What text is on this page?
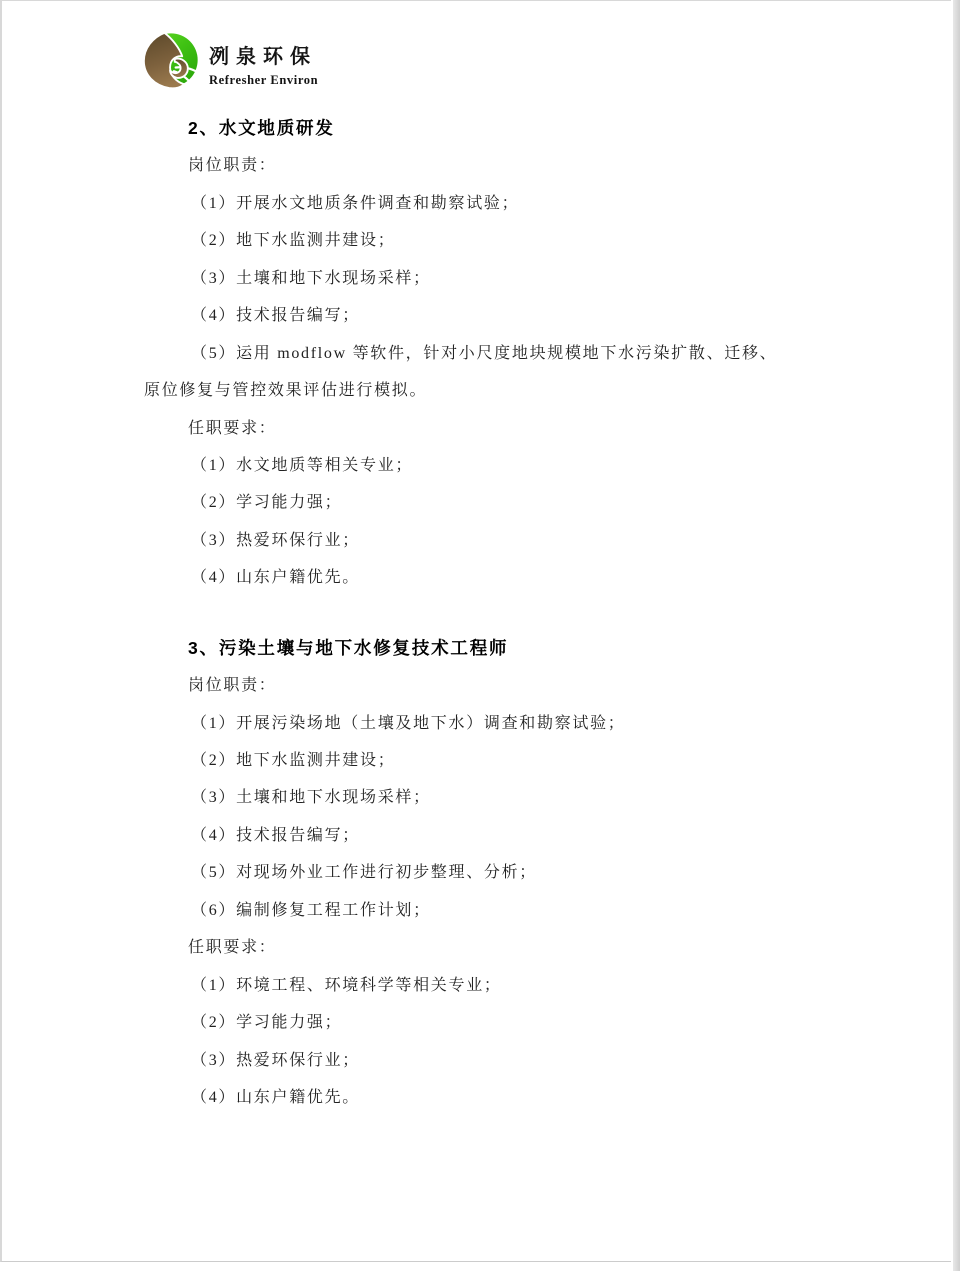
冽泉环保
Refresher Environ
2、水文地质研发

岗位职责：

（1）开展水文地质条件调查和勘察试验；

（2）地下水监测井建设；

（3）土壤和地下水现场采样；

（4）技术报告编写；

（5）运用 modflow 等软件，针对小尺度地块规模地下水污染扩散、迁移、

原位修复与管控效果评估进行模拟。

任职要求：

（1）水文地质等相关专业；

（2）学习能力强；

（3）热爱环保行业；

（4）山东户籍优先。

3、污染土壤与地下水修复技术工程师

岗位职责：

（1）开展污染场地（土壤及地下水）调查和勘察试验；

（2）地下水监测井建设；

（3）土壤和地下水现场采样；

（4）技术报告编写；

（5）对现场外业工作进行初步整理、分析；

（6）编制修复工程工作计划；

任职要求：

（1）环境工程、环境科学等相关专业；

（2）学习能力强；

（3）热爱环保行业；

（4）山东户籍优先。
